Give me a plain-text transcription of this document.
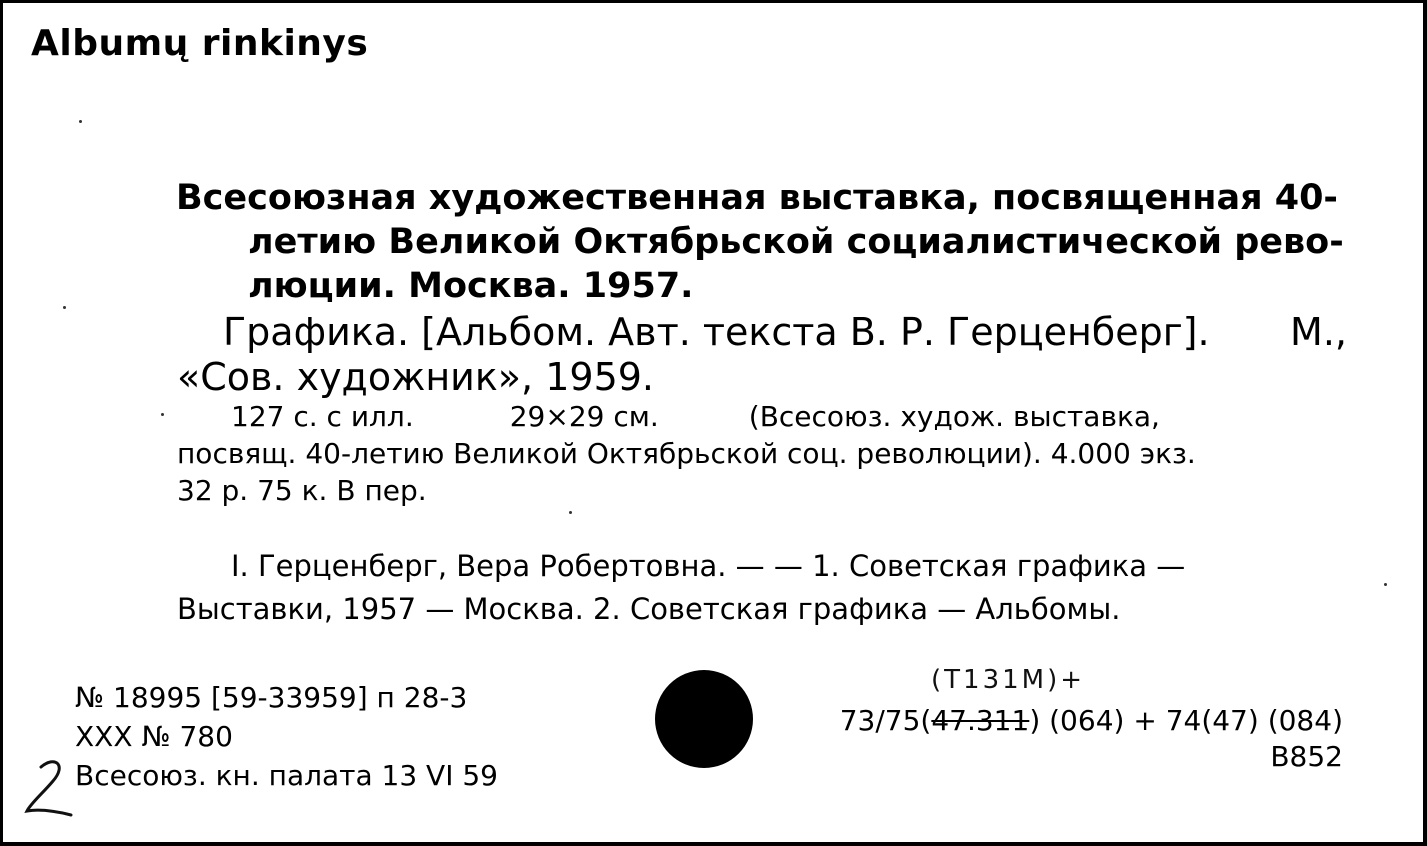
Albumų rinkinys
Всесоюзная художественная выставка, посвященная 40-
летию Великой Октябрьской социалистической рево-
люции. Москва. 1957.
Графика. [Альбом. Авт. текста В. Р. Герценберг]. М.,
«Сов. художник», 1959.
127 с. с илл.	29×29 см.	(Всесоюз. худож. выставка,
посвящ. 40-летию Великой Октябрьской соц. революции). 4.000 экз.
32 р. 75 к. В пер.
I. Герценберг, Вера Робертовна. — — 1. Советская графика —
Выставки, 1957 — Москва. 2. Советская графика — Альбомы.
№ 18995 [59-33959] п 28-3
XXX № 780
Всесоюз. кн. палата 13 VI 59
(Т131М)+
73/75(47.311) (064) + 74(47) (084)
В852
